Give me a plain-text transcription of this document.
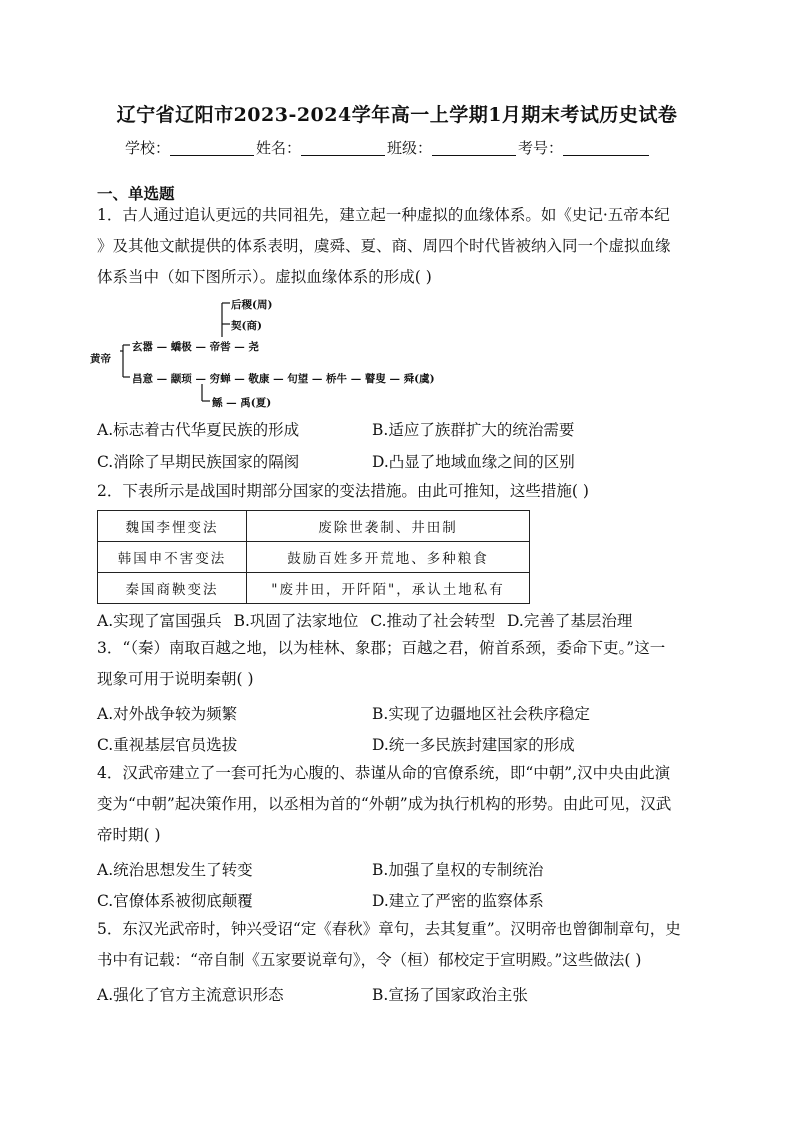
辽宁省辽阳市2023-2024学年高一上学期1月期末考试历史试卷
学校：	姓名：	班级：	考号：
一、单选题
1．古人通过追认更远的共同祖先，建立起一种虚拟的血缘体系。如《史记·五帝本纪
》及其他文献提供的体系表明，虞舜、夏、商、周四个时代皆被纳入同一个虚拟血缘
体系当中（如下图所示）。虚拟血缘体系的形成( )
黄帝
后稷(周)
契(商)
玄嚣 — 蟜极 — 帝喾 — 尧
昌意 — 颛顼 — 穷蝉 — 敬康 — 句望 — 桥牛 — 瞽叟 — 舜(虞)
鲧 — 禹(夏)
A.标志着古代华夏民族的形成	B.适应了族群扩大的统治需要
C.消除了早期民族国家的隔阂	D.凸显了地域血缘之间的区别
2．下表所示是战国时期部分国家的变法措施。由此可推知，这些措施( )
魏国李悝变法	废除世袭制、井田制
韩国申不害变法	鼓励百姓多开荒地、多种粮食
秦国商鞅变法	"废井田，开阡陌"，承认土地私有
A.实现了富国强兵 B.巩固了法家地位 C.推动了社会转型 D.完善了基层治理
3．“（秦）南取百越之地，以为桂林、象郡；百越之君，俯首系颈，委命下吏。”这一
现象可用于说明秦朝( )
A.对外战争较为频繁	B.实现了边疆地区社会秩序稳定
C.重视基层官员选拔	D.统一多民族封建国家的形成
4．汉武帝建立了一套可托为心腹的、恭谨从命的官僚系统，即“中朝”,汉中央由此演
变为“中朝”起决策作用，以丞相为首的“外朝”成为执行机构的形势。由此可见，汉武
帝时期( )
A.统治思想发生了转变	B.加强了皇权的专制统治
C.官僚体系被彻底颠覆	D.建立了严密的监察体系
5．东汉光武帝时，钟兴受诏“定《春秋》章句，去其复重”。汉明帝也曾御制章句，史
书中有记载：“帝自制《五家要说章句》，令（桓）郁校定于宣明殿。”这些做法( )
A.强化了官方主流意识形态	B.宣扬了国家政治主张
